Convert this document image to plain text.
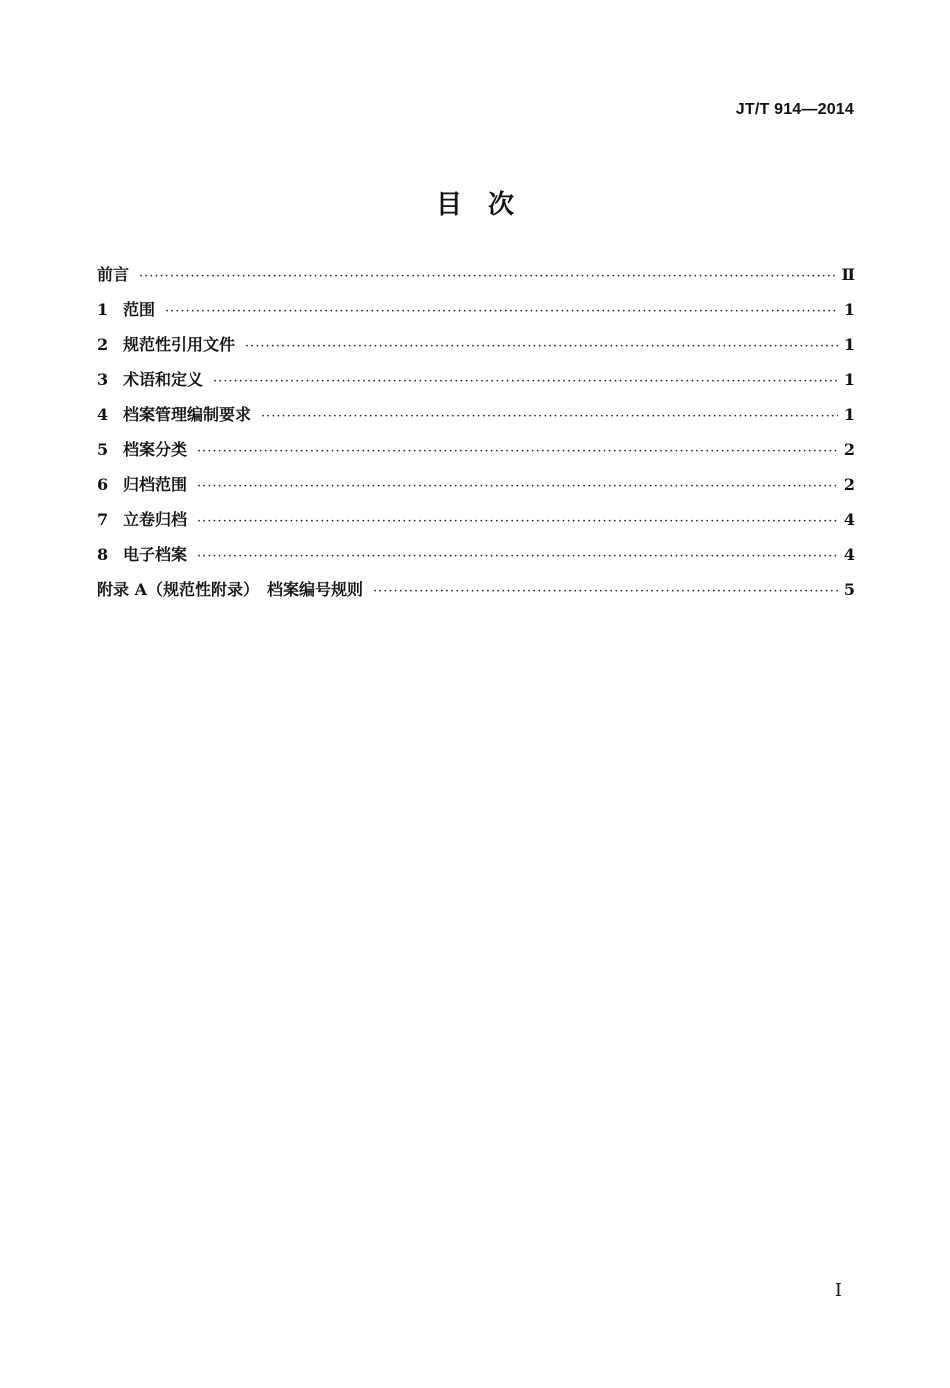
JT/T 914—2014
目　次
前言 ·····	Ⅱ
1 范围 ·····	1
2 规范性引用文件 ·····	1
3 术语和定义 ·····	1
4 档案管理编制要求 ·····	1
5 档案分类 ·····	2
6 归档范围 ·····	2
7 立卷归档 ·····	4
8 电子档案 ·····	4
附录 A（规范性附录）　档案编号规则 ·····	5
I
